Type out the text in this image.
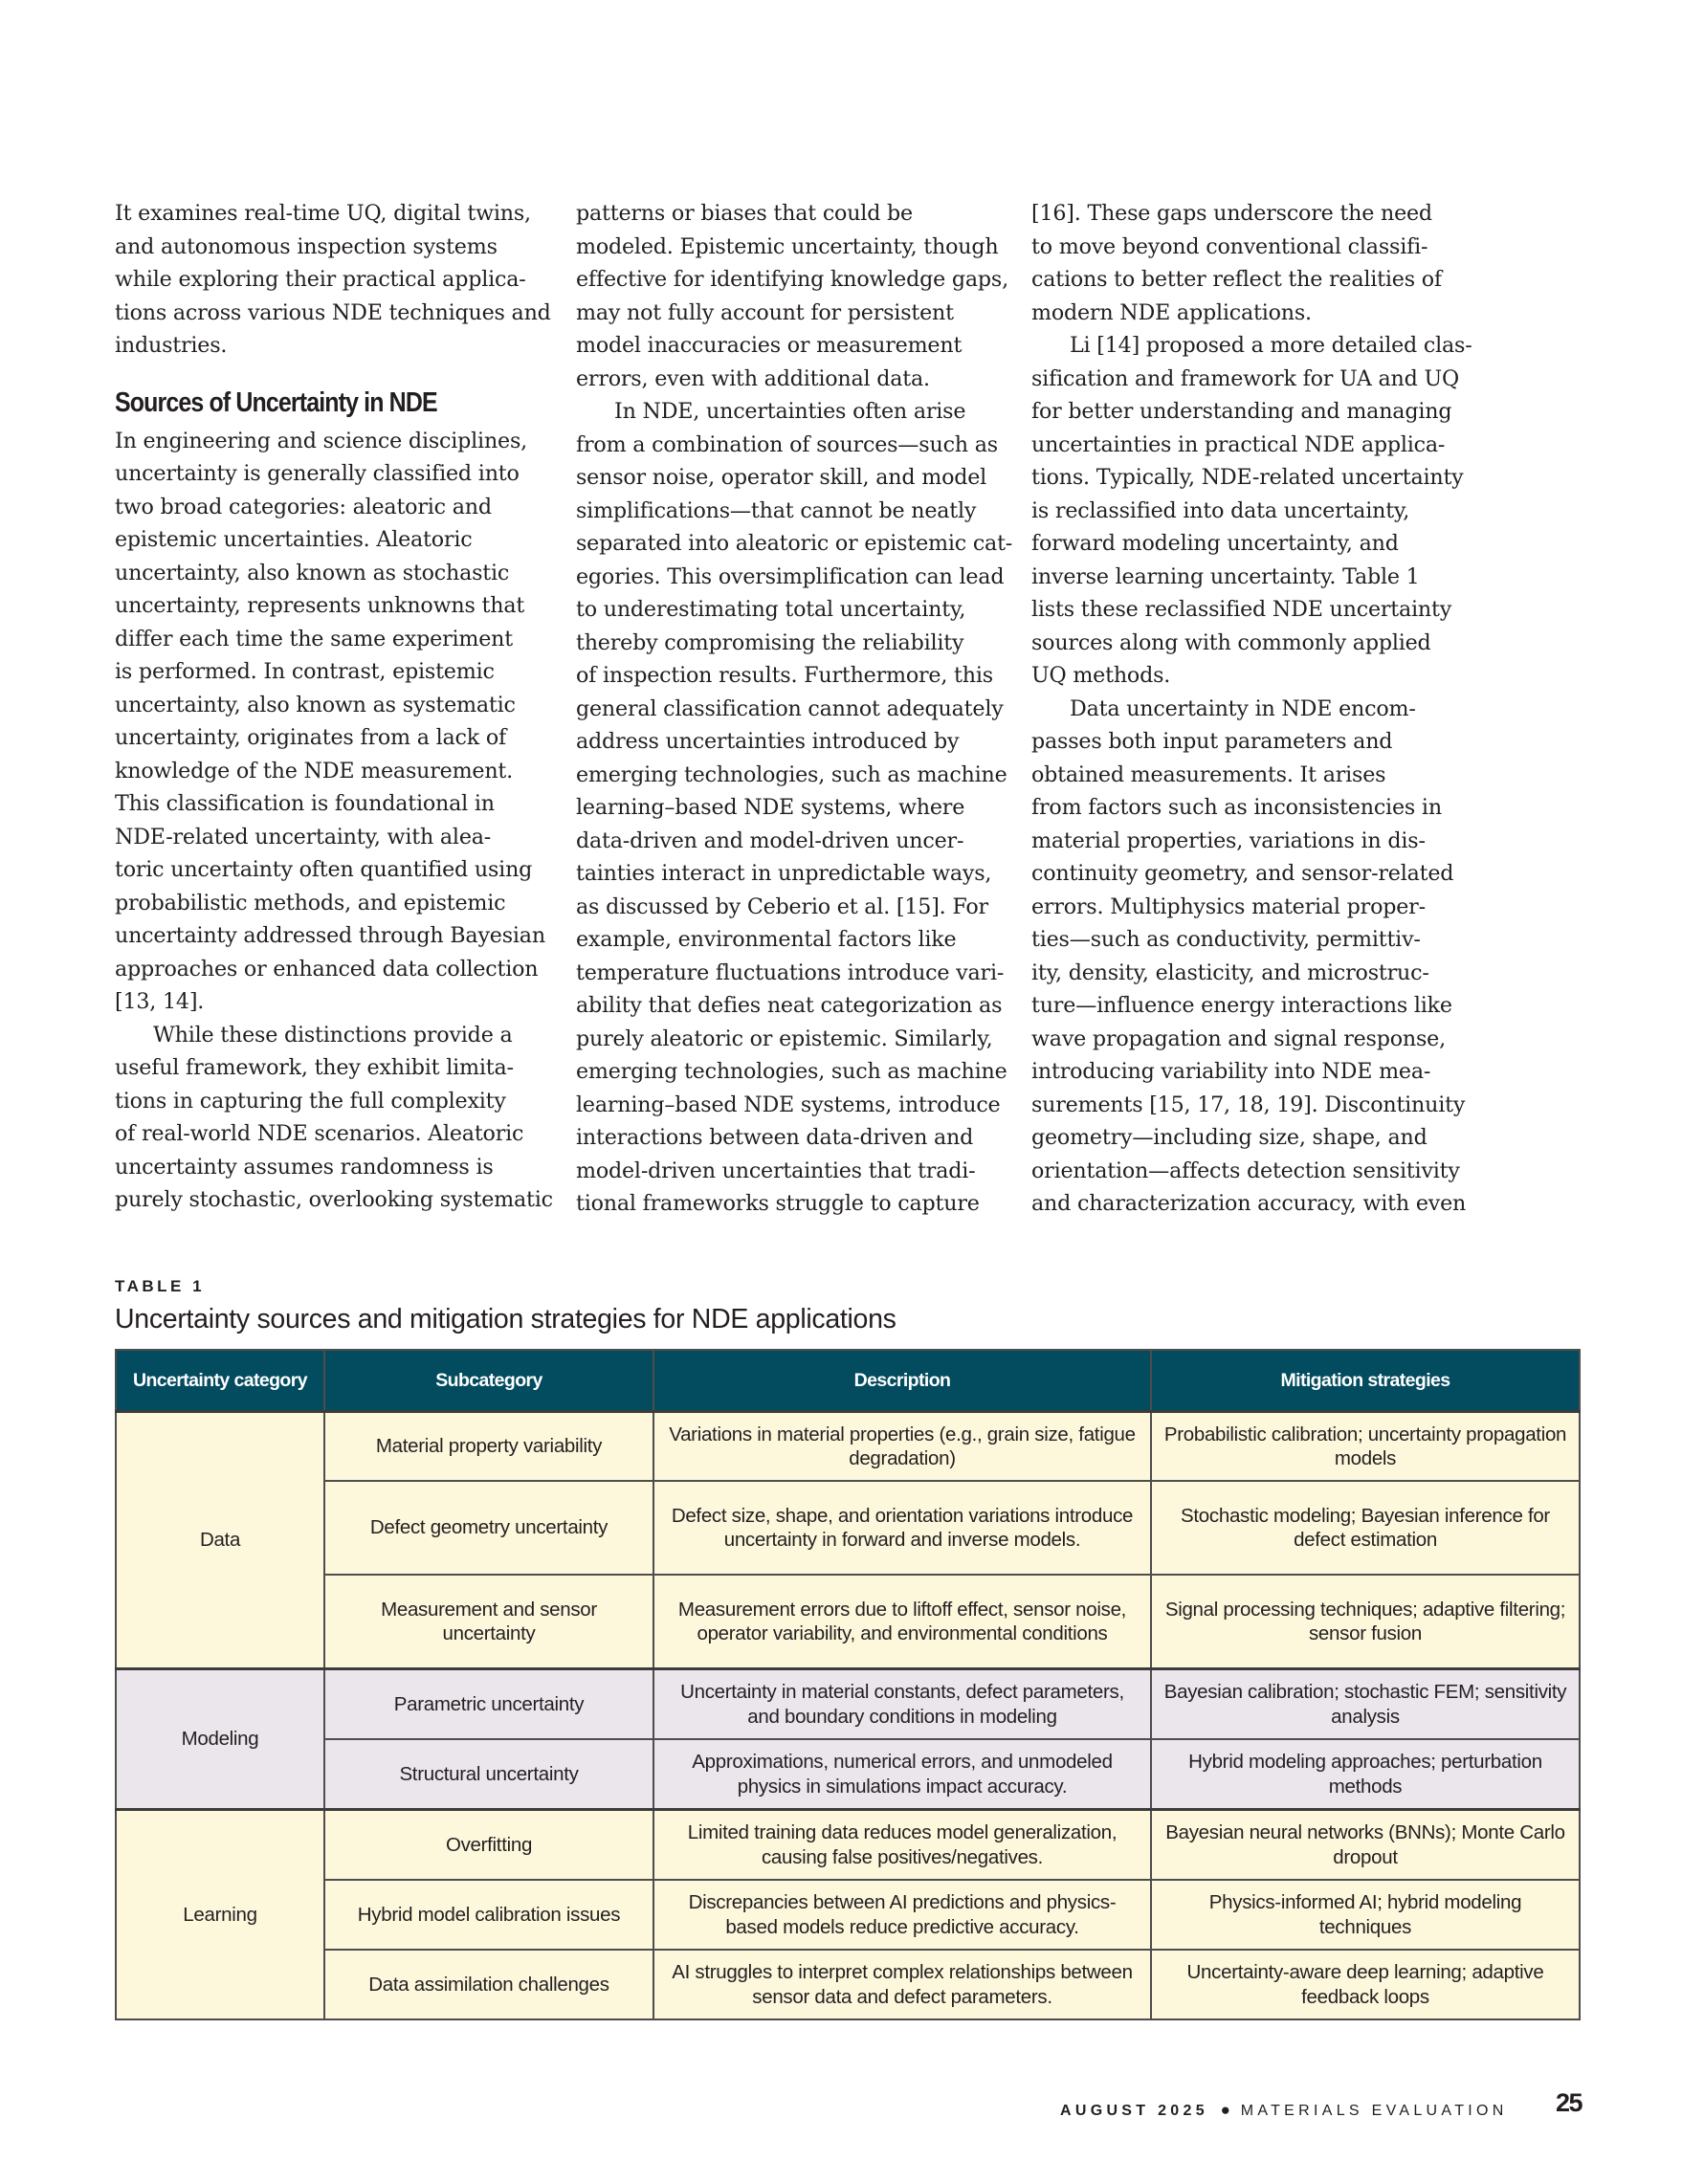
It examines real-time UQ, digital twins,
and autonomous inspection systems
while exploring their practical applica-
tions across various NDE techniques and
industries.

Sources of Uncertainty in NDE

In engineering and science disciplines,
uncertainty is generally classified into
two broad categories: aleatoric and
epistemic uncertainties. Aleatoric
uncertainty, also known as stochastic
uncertainty, represents unknowns that
differ each time the same experiment
is performed. In contrast, epistemic
uncertainty, also known as systematic
uncertainty, originates from a lack of
knowledge of the NDE measurement.
This classification is foundational in
NDE-related uncertainty, with alea-
toric uncertainty often quantified using
probabilistic methods, and epistemic
uncertainty addressed through Bayesian
approaches or enhanced data collection
[13, 14].

While these distinctions provide a
useful framework, they exhibit limita-
tions in capturing the full complexity
of real-world NDE scenarios. Aleatoric
uncertainty assumes randomness is
purely stochastic, overlooking systematic

patterns or biases that could be
modeled. Epistemic uncertainty, though
effective for identifying knowledge gaps,
may not fully account for persistent
model inaccuracies or measurement
errors, even with additional data.

In NDE, uncertainties often arise
from a combination of sources—such as
sensor noise, operator skill, and model
simplifications—that cannot be neatly
separated into aleatoric or epistemic cat-
egories. This oversimplification can lead
to underestimating total uncertainty,
thereby compromising the reliability
of inspection results. Furthermore, this
general classification cannot adequately
address uncertainties introduced by
emerging technologies, such as machine
learning–based NDE systems, where
data-driven and model-driven uncer-
tainties interact in unpredictable ways,
as discussed by Ceberio et al. [15]. For
example, environmental factors like
temperature fluctuations introduce vari-
ability that defies neat categorization as
purely aleatoric or epistemic. Similarly,
emerging technologies, such as machine
learning–based NDE systems, introduce
interactions between data-driven and
model-driven uncertainties that tradi-
tional frameworks struggle to capture

[16]. These gaps underscore the need
to move beyond conventional classifi-
cations to better reflect the realities of
modern NDE applications.

Li [14] proposed a more detailed clas-
sification and framework for UA and UQ
for better understanding and managing
uncertainties in practical NDE applica-
tions. Typically, NDE-related uncertainty
is reclassified into data uncertainty,
forward modeling uncertainty, and
inverse learning uncertainty. Table 1
lists these reclassified NDE uncertainty
sources along with commonly applied
UQ methods.

Data uncertainty in NDE encom-
passes both input parameters and
obtained measurements. It arises
from factors such as inconsistencies in
material properties, variations in dis-
continuity geometry, and sensor-related
errors. Multiphysics material proper-
ties—such as conductivity, permittiv-
ity, density, elasticity, and microstruc-
ture—influence energy interactions like
wave propagation and signal response,
introducing variability into NDE mea-
surements [15, 17, 18, 19]. Discontinuity
geometry—including size, shape, and
orientation—affects detection sensitivity
and characterization accuracy, with even

TABLE 1
Uncertainty sources and mitigation strategies for NDE applications
Uncertainty category	Subcategory	Description	Mitigation strategies
Data	Material property variability	Variations in material properties (e.g., grain size, fatigue degradation)	Probabilistic calibration; uncertainty propagation models
	Defect geometry uncertainty	Defect size, shape, and orientation variations introduce uncertainty in forward and inverse models.	Stochastic modeling; Bayesian inference for defect estimation
	Measurement and sensor uncertainty	Measurement errors due to liftoff effect, sensor noise, operator variability, and environmental conditions	Signal processing techniques; adaptive filtering; sensor fusion
Modeling	Parametric uncertainty	Uncertainty in material constants, defect parameters, and boundary conditions in modeling	Bayesian calibration; stochastic FEM; sensitivity analysis
	Structural uncertainty	Approximations, numerical errors, and unmodeled physics in simulations impact accuracy.	Hybrid modeling approaches; perturbation methods
Learning	Overfitting	Limited training data reduces model generalization, causing false positives/negatives.	Bayesian neural networks (BNNs); Monte Carlo dropout
	Hybrid model calibration issues	Discrepancies between AI predictions and physics-based models reduce predictive accuracy.	Physics-informed AI; hybrid modeling techniques
	Data assimilation challenges	AI struggles to interpret complex relationships between sensor data and defect parameters.	Uncertainty-aware deep learning; adaptive feedback loops
AUGUST 2025 ● MATERIALS EVALUATION 25
